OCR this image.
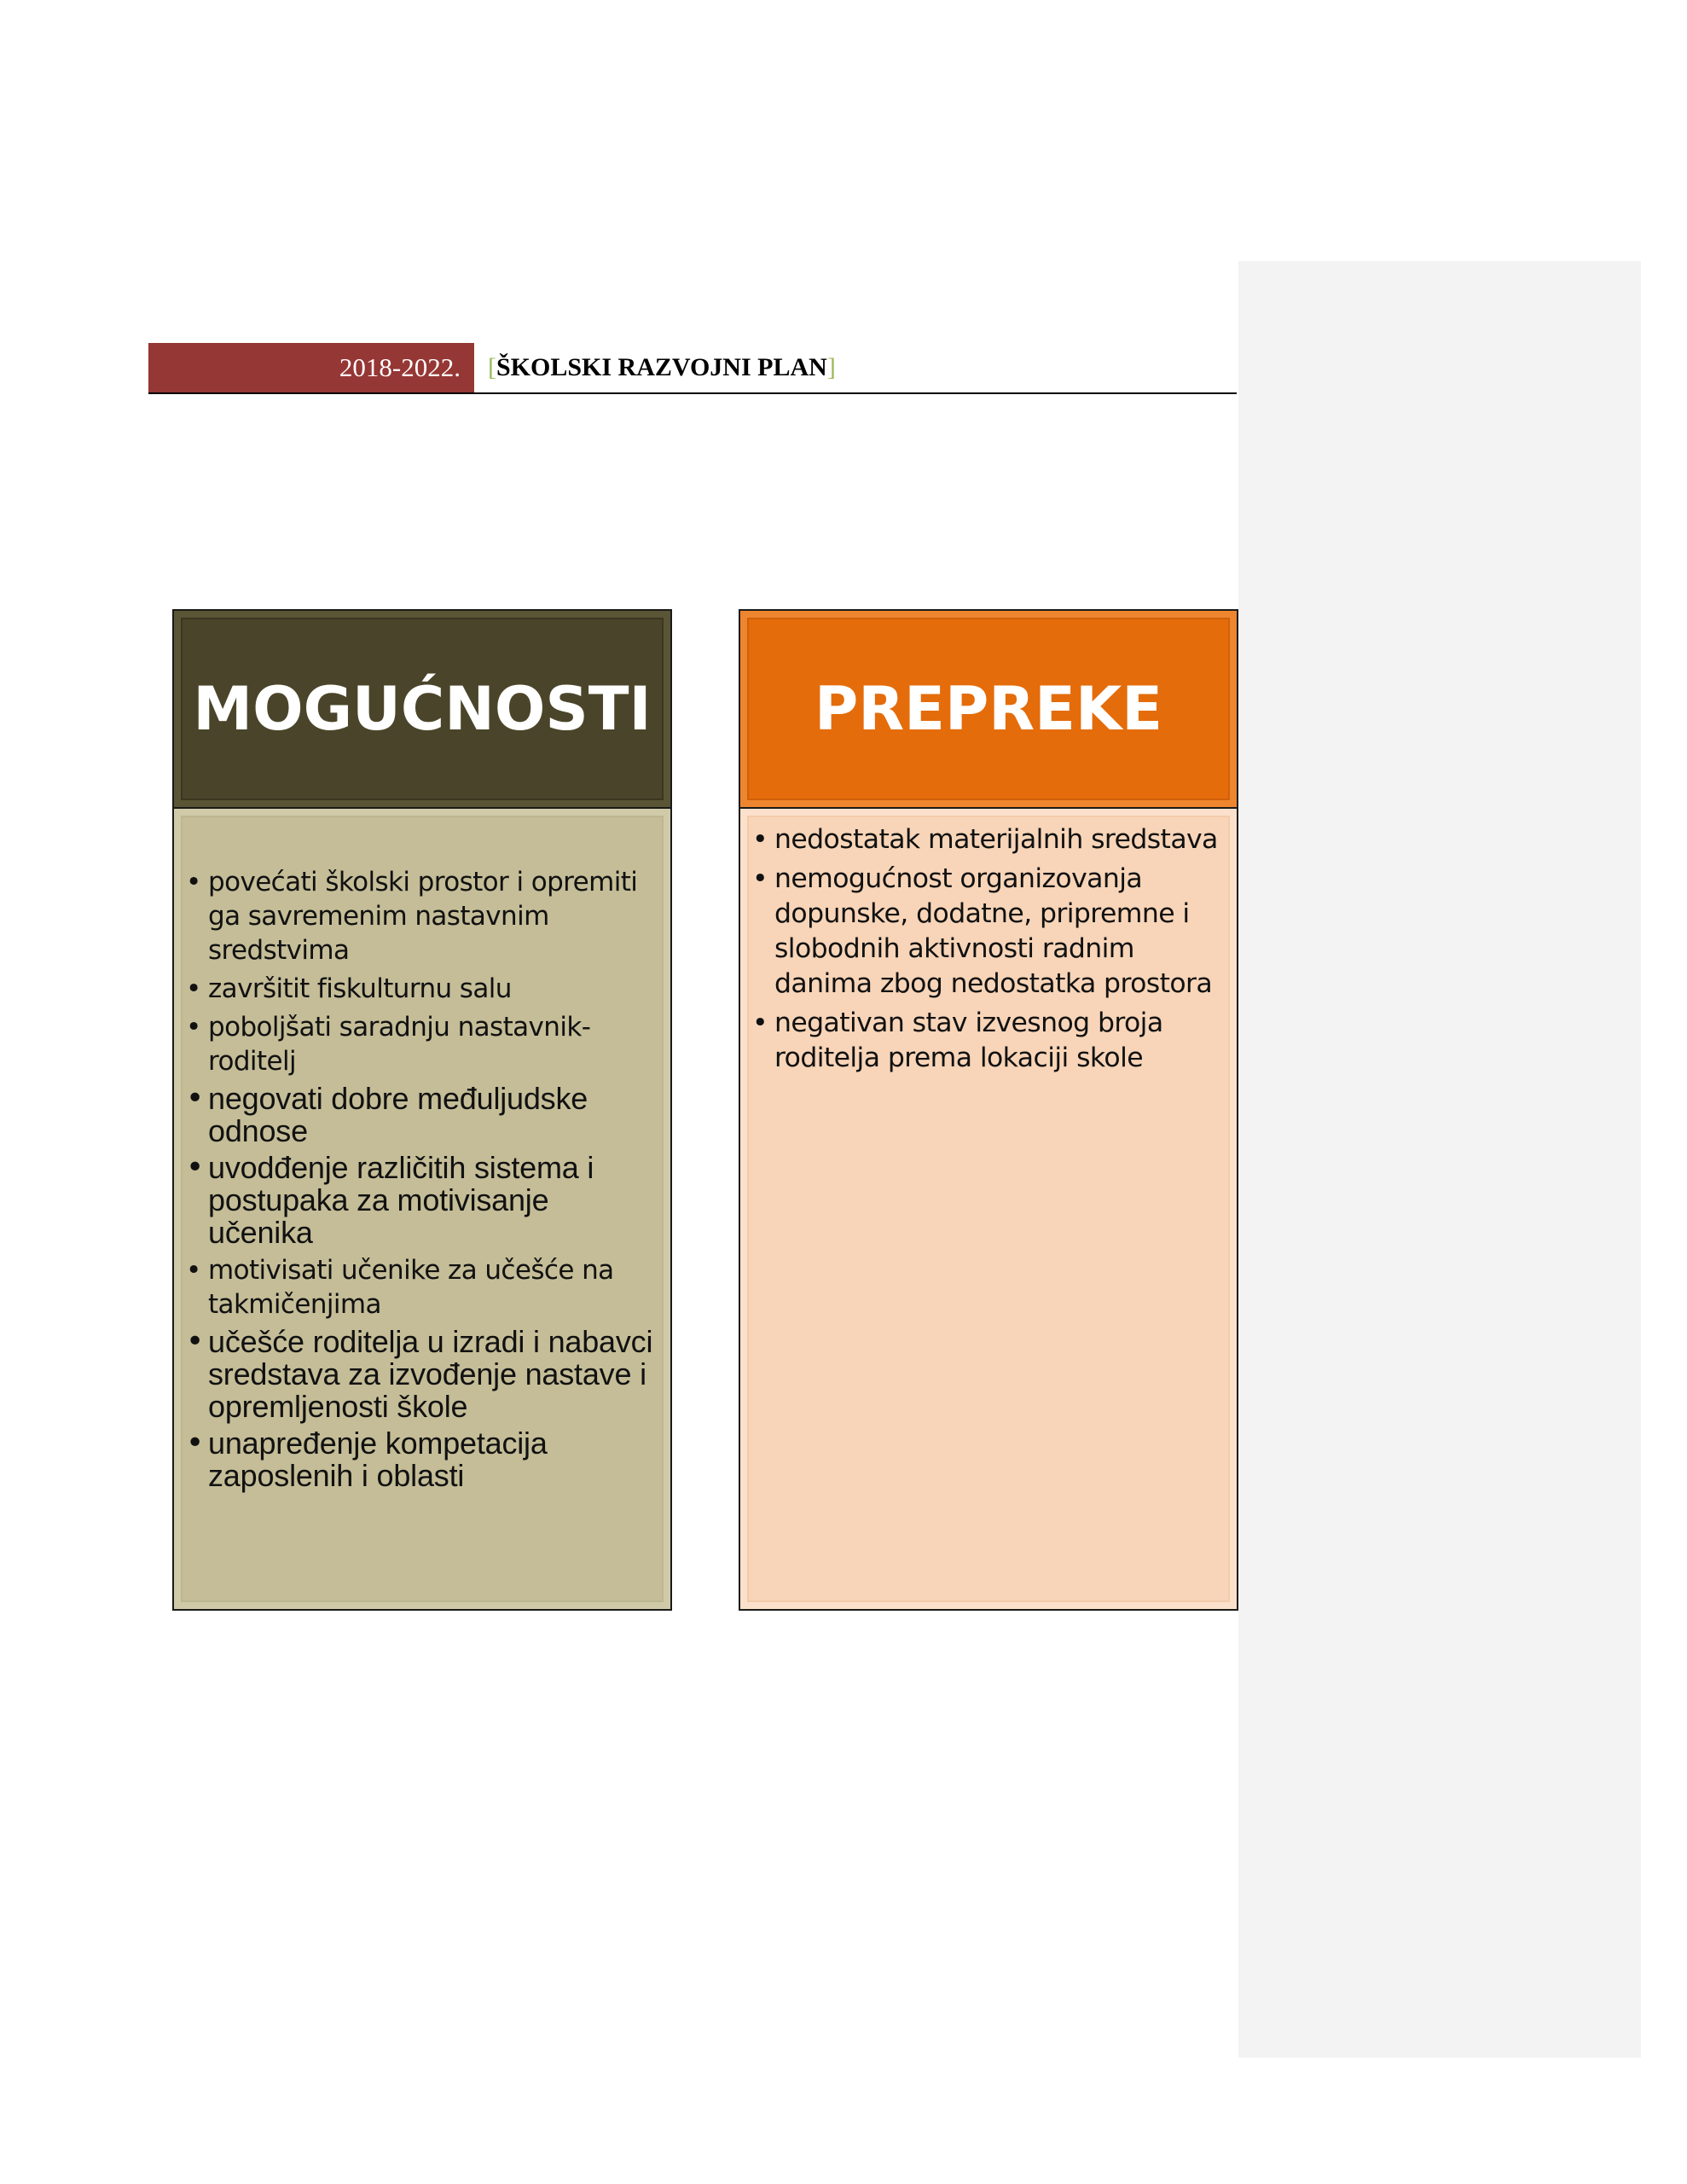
2018-2022.	[ŠKOLSKI RAZVOJNI PLAN]
MOGUĆNOSTI
• povećati školski prostor i opremiti ga savremenim nastavnim sredstvima
• završitit fiskulturnu salu
• poboljšati saradnju nastavnik-roditelj
• negovati dobre međuljudske odnose
• uvodđenje različitih sistema i postupaka za motivisanje učenika
• motivisati učenike za učešće na takmičenjima
• učešće roditelja u izradi i nabavci sredstava za izvođenje nastave i opremljenosti škole
• unapređenje kompetacija zaposlenih i oblasti
PREPREKE
• nedostatak materijalnih sredstava
• nemogućnost organizovanja dopunske, dodatne, pripremne i slobodnih aktivnosti radnim danima zbog nedostatka prostora
• negativan stav izvesnog broja roditelja prema lokaciji skole
